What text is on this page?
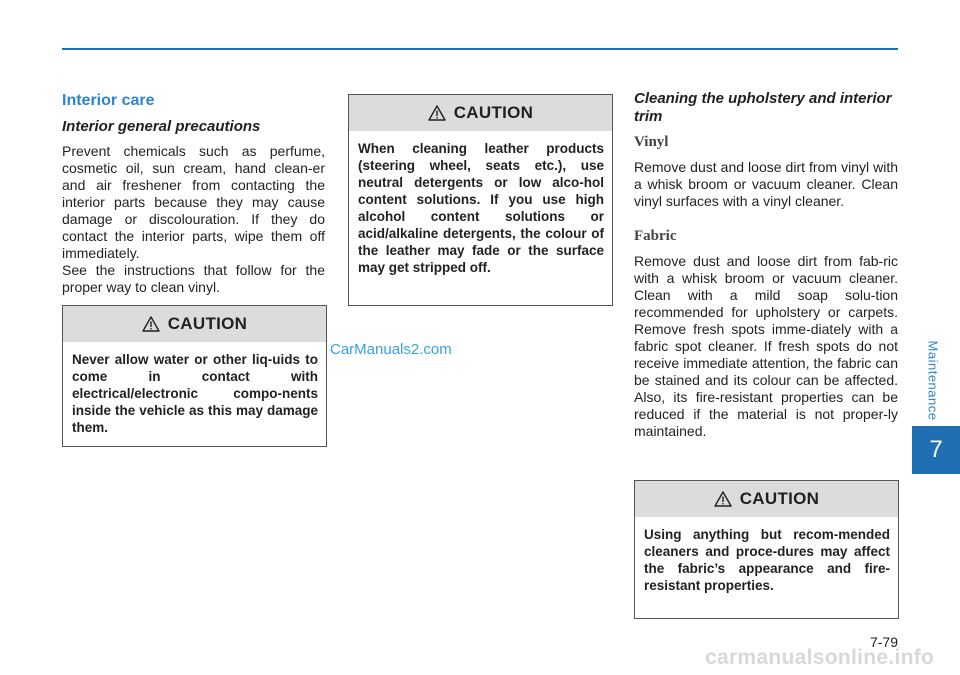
Interior care
Interior general precautions

Prevent chemicals such as perfume, cosmetic oil, sun cream, hand clean-er and air freshener from contacting the interior parts because they may cause damage or discolouration. If they do contact the interior parts, wipe them off immediately.

See the instructions that follow for the proper way to clean vinyl.

CAUTION
Never allow water or other liq-uids to come in contact with electrical/electronic compo-nents inside the vehicle as this may damage them.
CAUTION
When cleaning leather products (steering wheel, seats etc.), use neutral detergents or low alco-hol content solutions. If you use high alcohol content solutions or acid/alkaline detergents, the colour of the leather may fade or the surface may get stripped off.
Cleaning the upholstery and interior trim
Vinyl

Remove dust and loose dirt from vinyl with a whisk broom or vacuum cleaner. Clean vinyl surfaces with a vinyl cleaner.

Fabric

Remove dust and loose dirt from fab-ric with a whisk broom or vacuum cleaner. Clean with a mild soap solu-tion recommended for upholstery or carpets. Remove fresh spots imme-diately with a fabric spot cleaner. If fresh spots do not receive immediate attention, the fabric can be stained and its colour can be affected. Also, its fire-resistant properties can be reduced if the material is not proper-ly maintained.

CAUTION
Using anything but recom-mended cleaners and proce-dures may affect the fabric’s appearance and fire-resistant properties.
Maintenance
7
7-79
CarManuals2.com
carmanualsonline.info
